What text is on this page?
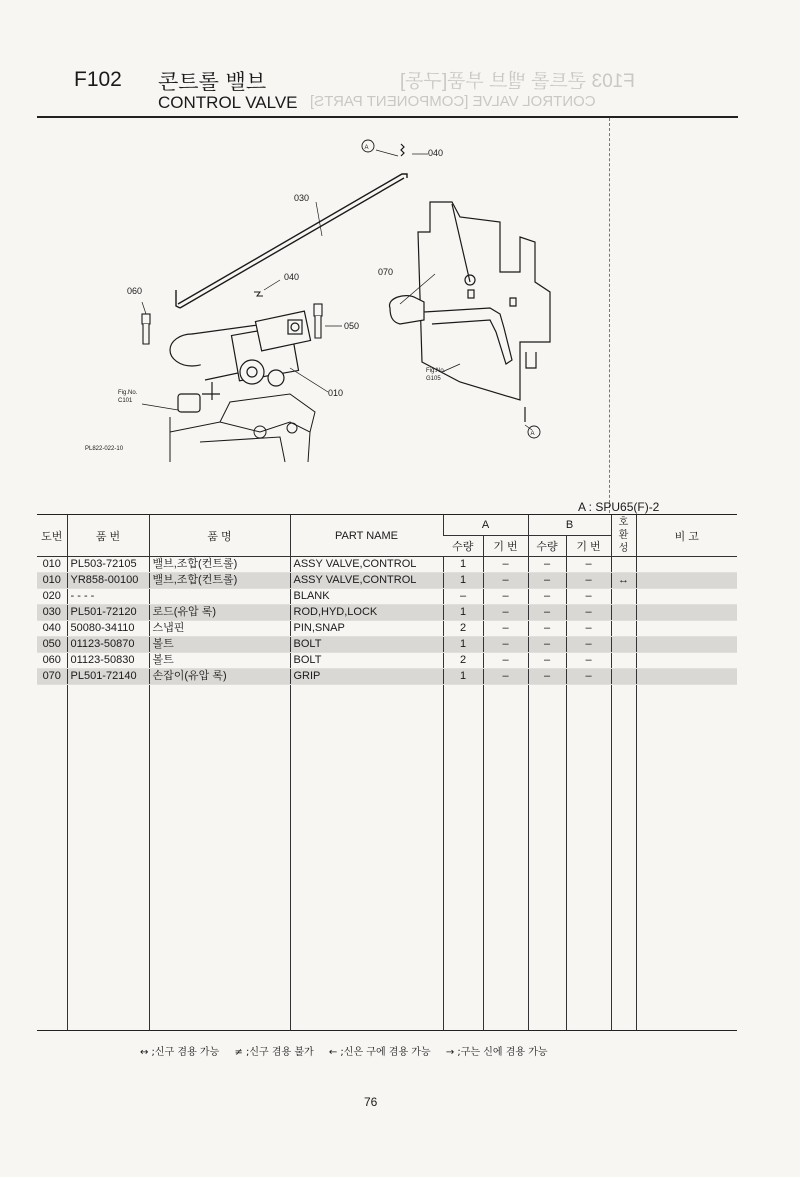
F102 콘트롤 밸브
CONTROL VALVE
F103 콘트롤 밸브 부품[구동]
CONTROL VALVE [COMPONENT PARTS]
A	040
030
040	070
060
050
010
Fig.No.
C101
Fig.No.
G105
A
PL822-022-10
A : SPU65(F)-2
도번	품 번	품 명	PART NAME	A		B		호환성	비 고
				수량	기 번	수량	기 번		
010	PL503-72105	밸브,조합(컨트롤)	ASSY VALVE,CONTROL	1	–	–	–		
010	YR858-00100	밸브,조합(컨트롤)	ASSY VALVE,CONTROL	1	–	–	–	↔	
020	- - - -		BLANK	–	–	–	–		
030	PL501-72120	로드(유압 록)	ROD,HYD,LOCK	1	–	–	–		
040	50080-34110	스냅핀	PIN,SNAP	2	–	–	–		
050	01123-50870	볼트	BOLT	1	–	–	–		
060	01123-50830	볼트	BOLT	2	–	–	–		
070	PL501-72140	손잡이(유압 록)	GRIP	1	–	–	–		

↔ ;신구 겸용 가능 ≠ ;신구 겸용 불가 ← ;신은 구에 겸용 가능 → ;구는 신에 겸용 가능
76
